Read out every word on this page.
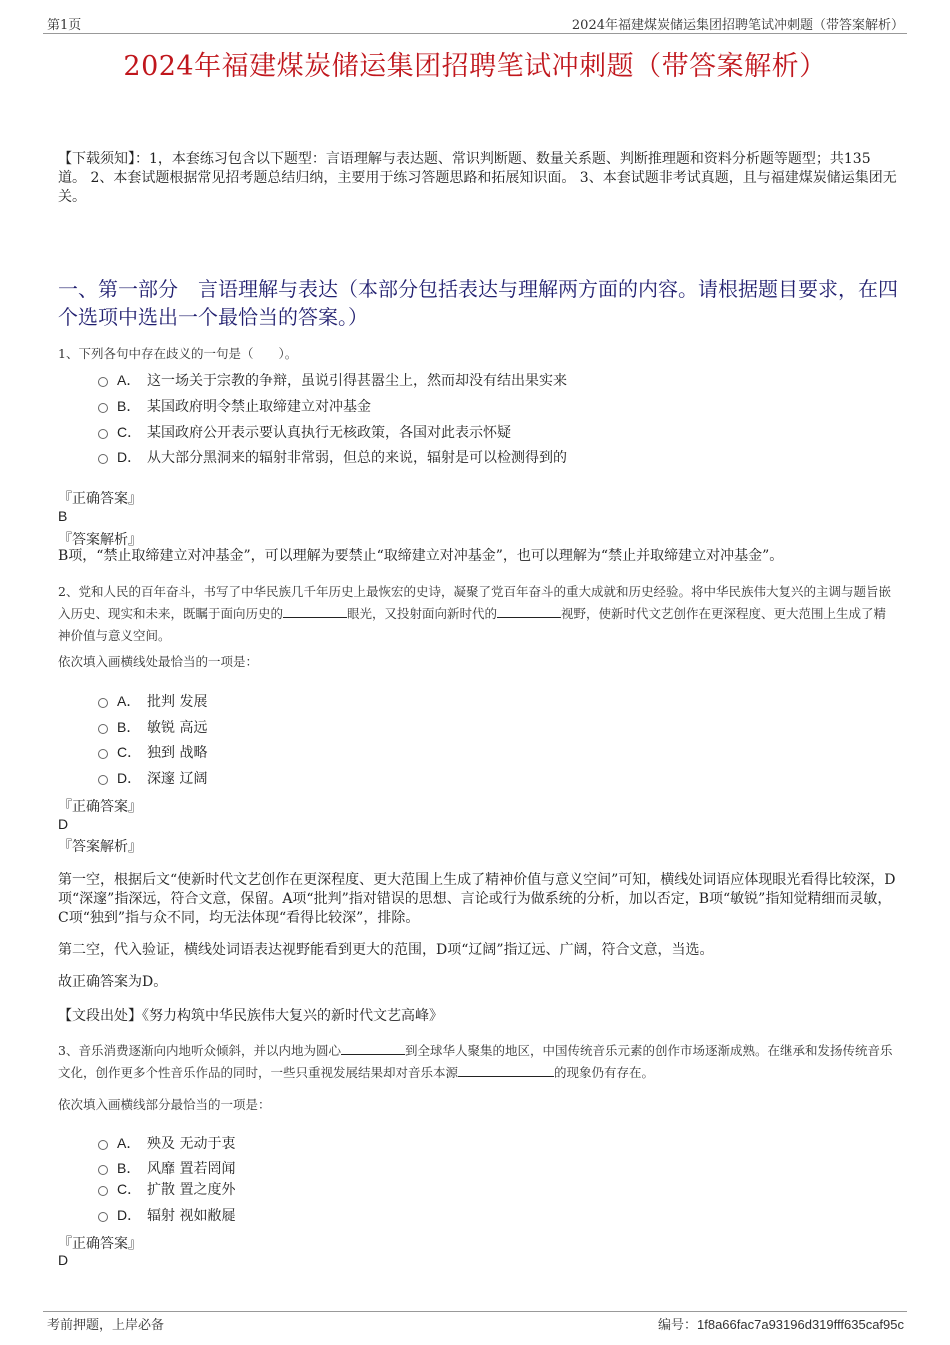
第1页	2024年福建煤炭储运集团招聘笔试冲刺题（带答案解析）
2024年福建煤炭储运集团招聘笔试冲刺题（带答案解析）
【下载须知】：1，本套练习包含以下题型：言语理解与表达题、常识判断题、数量关系题、判断推理题和资料分析题等题型；共135道。 2、本套试题根据常见招考题总结归纳，主要用于练习答题思路和拓展知识面。 3、本套试题非考试真题，且与福建煤炭储运集团无关。
一、第一部分　言语理解与表达（本部分包括表达与理解两方面的内容。请根据题目要求，在四个选项中选出一个最恰当的答案。）
1、下列各句中存在歧义的一句是（　　）。
A． 这一场关于宗教的争辩，虽说引得甚嚣尘上，然而却没有结出果实来
B． 某国政府明令禁止取缔建立对冲基金
C． 某国政府公开表示要认真执行无核政策，各国对此表示怀疑
D． 从大部分黑洞来的辐射非常弱，但总的来说，辐射是可以检测得到的
『正确答案』
B
『答案解析』
B项，“禁止取缔建立对冲基金”，可以理解为要禁止“取缔建立对冲基金”，也可以理解为“禁止并取缔建立对冲基金”。
2、党和人民的百年奋斗，书写了中华民族几千年历史上最恢宏的史诗，凝聚了党百年奋斗的重大成就和历史经验。将中华民族伟大复兴的主调与题旨嵌入历史、现实和未来，既瞩于面向历史的	眼光，又投射面向新时代的	视野，使新时代文艺创作在更深程度、更大范围上生成了精神价值与意义空间。
依次填入画横线处最恰当的一项是：
A． 批判 发展
B． 敏锐 高远
C． 独到 战略
D． 深邃 辽阔
『正确答案』
D
『答案解析』
第一空，根据后文“使新时代文艺创作在更深程度、更大范围上生成了精神价值与意义空间”可知，横线处词语应体现眼光看得比较深，D项“深邃”指深远，符合文意，保留。A项“批判”指对错误的思想、言论或行为做系统的分析，加以否定，B项“敏锐”指知觉精细而灵敏，C项“独到”指与众不同，均无法体现“看得比较深”，排除。
第二空，代入验证，横线处词语表达视野能看到更大的范围，D项“辽阔”指辽远、广阔，符合文意，当选。
故正确答案为D。
【文段出处】《努力构筑中华民族伟大复兴的新时代文艺高峰》
3、音乐消费逐渐向内地听众倾斜，并以内地为圆心	到全球华人聚集的地区，中国传统音乐元素的创作市场逐渐成熟。在继承和发扬传统音乐文化，创作更多个性音乐作品的同时，一些只重视发展结果却对音乐本源	的现象仍有存在。
依次填入画横线部分最恰当的一项是：
A． 殃及 无动于衷
B． 风靡 置若罔闻
C． 扩散 置之度外
D． 辐射 视如敝屣
『正确答案』
D
考前押题，上岸必备	编号：1f8a66fac7a93196d319fff635caf95c
